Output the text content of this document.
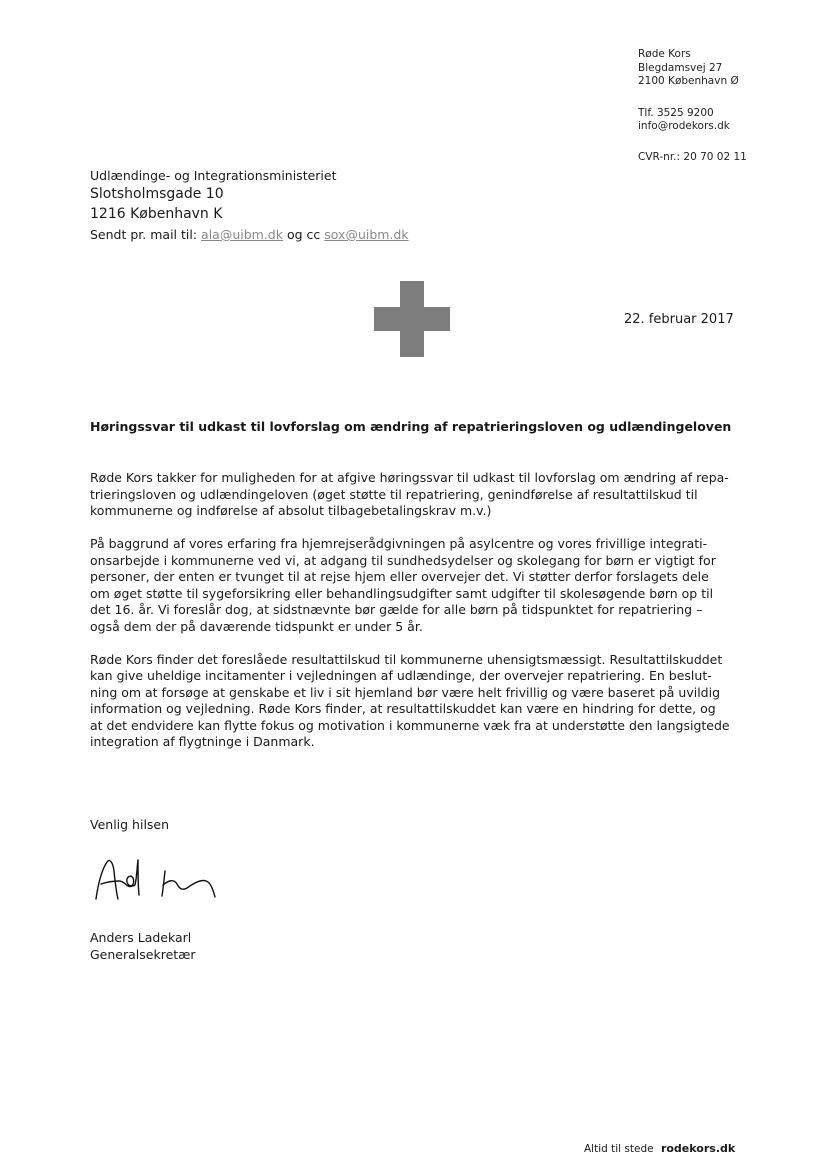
Røde Kors
Blegdamsvej 27
2100 København Ø
Tlf. 3525 9200
info@rodekors.dk
CVR-nr.: 20 70 02 11
Udlændinge- og Integrationsministeriet
Slotsholmsgade 10
1216 København K
Sendt pr. mail til: ala@uibm.dk og cc sox@uibm.dk
22. februar 2017
Høringssvar til udkast til lovforslag om ændring af repatrieringsloven og udlændingeloven
Røde Kors takker for muligheden for at afgive høringssvar til udkast til lovforslag om ændring af repa-
trieringsloven og udlændingeloven (øget støtte til repatriering, genindførelse af resultattilskud til
kommunerne og indførelse af absolut tilbagebetalingskrav m.v.)
På baggrund af vores erfaring fra hjemrejserådgivningen på asylcentre og vores frivillige integrati-
onsarbejde i kommunerne ved vi, at adgang til sundhedsydelser og skolegang for børn er vigtigt for
personer, der enten er tvunget til at rejse hjem eller overvejer det. Vi støtter derfor forslagets dele
om øget støtte til sygeforsikring eller behandlingsudgifter samt udgifter til skolesøgende børn op til
det 16. år. Vi foreslår dog, at sidstnævnte bør gælde for alle børn på tidspunktet for repatriering –
også dem der på daværende tidspunkt er under 5 år.
Røde Kors finder det foreslåede resultattilskud til kommunerne uhensigtsmæssigt. Resultattilskuddet
kan give uheldige incitamenter i vejledningen af udlændinge, der overvejer repatriering. En beslut-
ning om at forsøge at genskabe et liv i sit hjemland bør være helt frivillig og være baseret på uvildig
information og vejledning. Røde Kors finder, at resultattilskuddet kan være en hindring for dette, og
at det endvidere kan flytte fokus og motivation i kommunerne væk fra at understøtte den langsigtede
integration af flygtninge i Danmark.
Venlig hilsen
Anders Ladekarl
Generalsekretær
Altid til stede rodekors.dk
